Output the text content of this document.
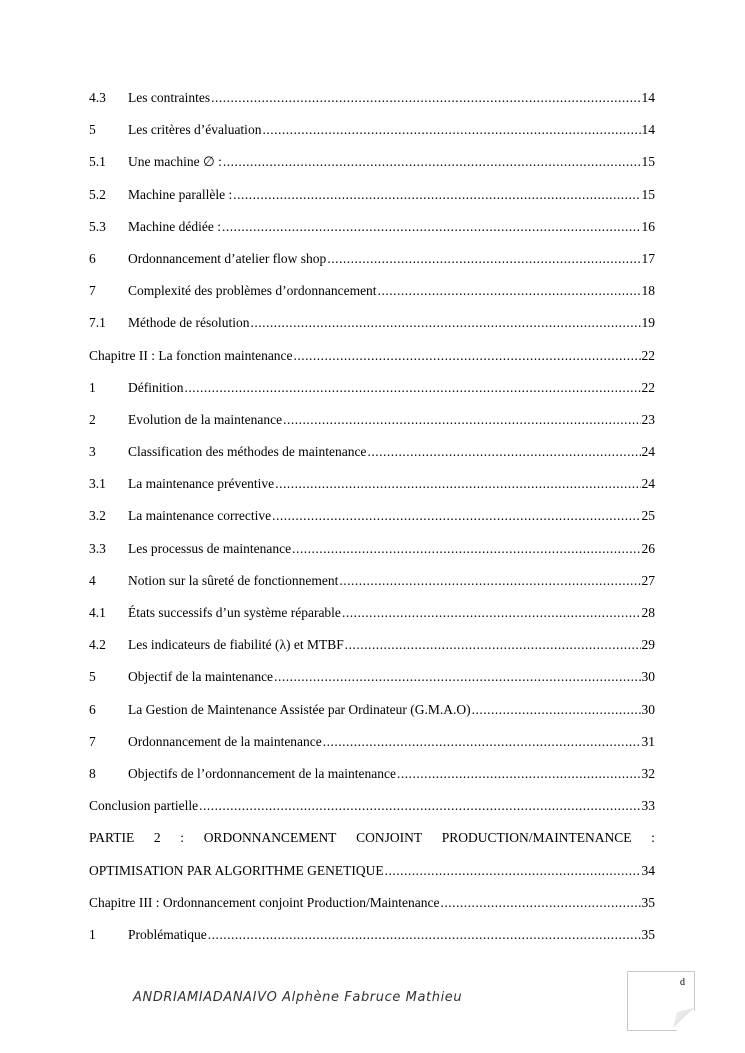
4.3	Les contraintes .....	14
5	Les critères d’évaluation .....	14
5.1	Une machine ∅ : .....	15
5.2	Machine parallèle : .....	15
5.3	Machine dédiée : .....	16
6	Ordonnancement d’atelier flow shop .....	17
7	Complexité des problèmes d’ordonnancement .....	18
7.1	Méthode de résolution .....	19
Chapitre II : La fonction maintenance .....	22
1	Définition .....	22
2	Evolution de la maintenance .....	23
3	Classification des méthodes de maintenance .....	24
3.1	La maintenance préventive .....	24
3.2	La maintenance corrective .....	25
3.3	Les processus de maintenance .....	26
4	Notion sur la sûreté de fonctionnement .....	27
4.1	États successifs d’un système réparable .....	28
4.2	Les indicateurs de fiabilité (λ) et MTBF .....	29
5	Objectif de la maintenance .....	30
6	La Gestion de Maintenance Assistée par Ordinateur (G.M.A.O) .....	30
7	Ordonnancement de la maintenance .....	31
8	Objectifs de l’ordonnancement de la maintenance .....	32
Conclusion partielle .....	33
PARTIE 2 : ORDONNANCEMENT CONJOINT PRODUCTION/MAINTENANCE :
OPTIMISATION PAR ALGORITHME GENETIQUE .....	34
Chapitre III : Ordonnancement conjoint Production/Maintenance .....	35
1	Problématique .....	35
ANDRIAMIADANAIVO Alphène Fabruce Mathieu
d
